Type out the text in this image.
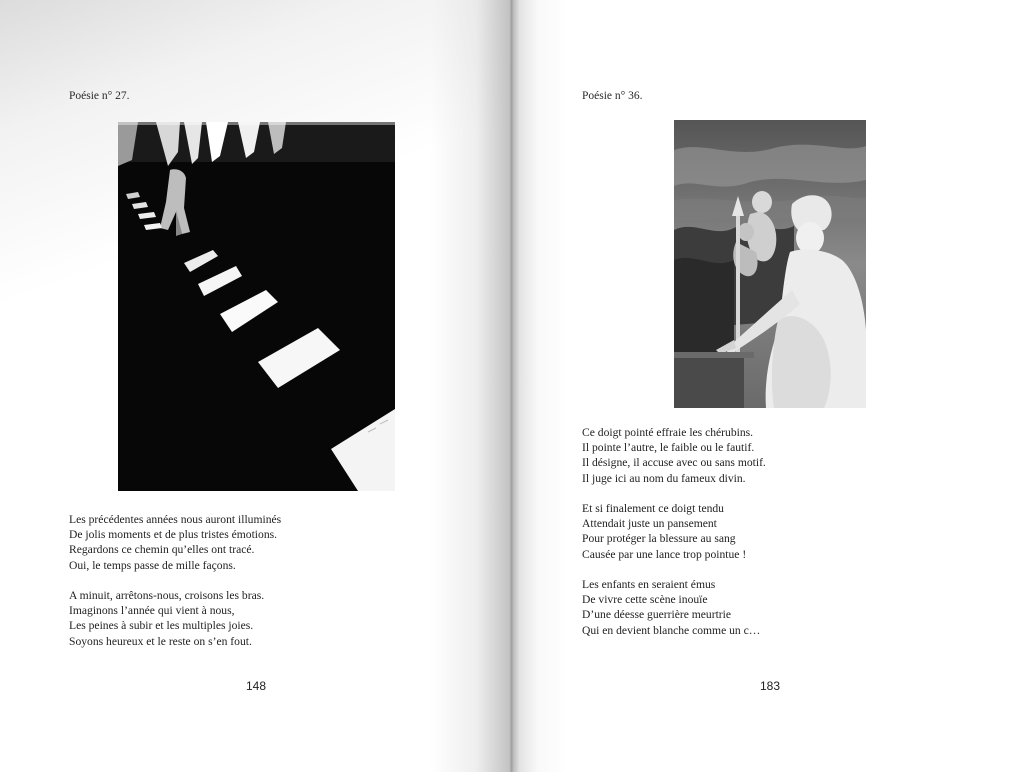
Poésie n° 27.

Les précédentes années nous auront illuminés
De jolis moments et de plus tristes émotions.
Regardons ce chemin qu’elles ont tracé.
Oui, le temps passe de mille façons.
A minuit, arrêtons-nous, croisons les bras.
Imaginons l’année qui vient à nous,
Les peines à subir et les multiples joies.
Soyons heureux et le reste on s’en fout.
148

Poésie n° 36.

Ce doigt pointé effraie les chérubins.
Il pointe l’autre, le faible ou le fautif.
Il désigne, il accuse avec ou sans motif.
Il juge ici au nom du fameux divin.
Et si finalement ce doigt tendu
Attendait juste un pansement
Pour protéger la blessure au sang
Causée par une lance trop pointue !
Les enfants en seraient émus
De vivre cette scène inouïe
D’une déesse guerrière meurtrie
Qui en devient blanche comme un c…
183
